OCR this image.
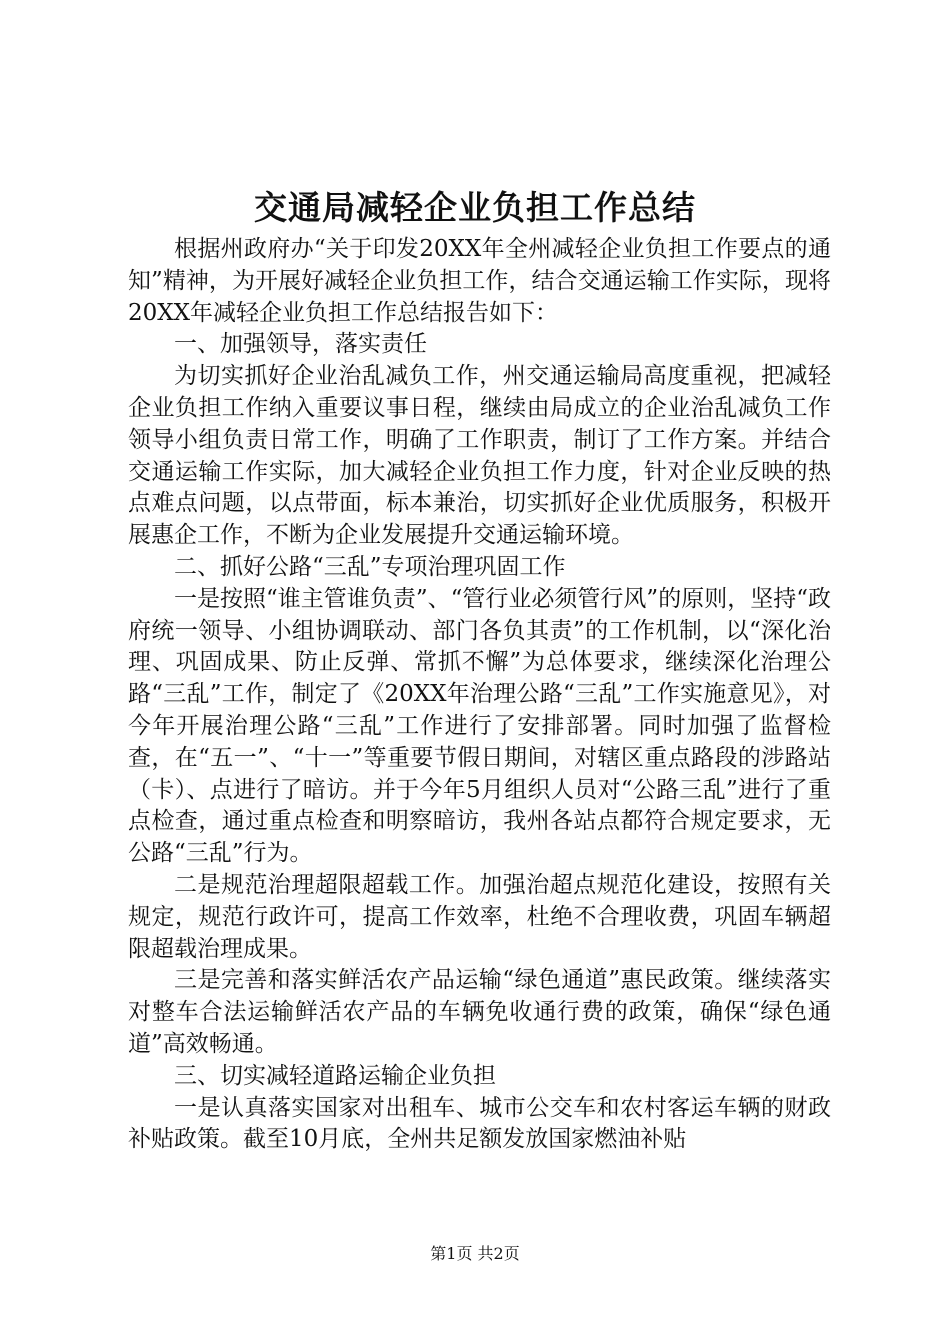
交通局减轻企业负担工作总结

根据州政府办“关于印发20XX年全州减轻企业负担工作要点的通知”精神，为开展好减轻企业负担工作，结合交通运输工作实际，现将20XX年减轻企业负担工作总结报告如下：

一、加强领导，落实责任

为切实抓好企业治乱减负工作，州交通运输局高度重视，把减轻企业负担工作纳入重要议事日程，继续由局成立的企业治乱减负工作领导小组负责日常工作，明确了工作职责，制订了工作方案。并结合交通运输工作实际，加大减轻企业负担工作力度，针对企业反映的热点难点问题，以点带面，标本兼治，切实抓好企业优质服务，积极开展惠企工作，不断为企业发展提升交通运输环境。

二、抓好公路“三乱”专项治理巩固工作

一是按照“谁主管谁负责”、“管行业必须管行风”的原则，坚持“政府统一领导、小组协调联动、部门各负其责”的工作机制，以“深化治理、巩固成果、防止反弹、常抓不懈”为总体要求，继续深化治理公路“三乱”工作，制定了《20XX年治理公路“三乱”工作实施意见》，对今年开展治理公路“三乱”工作进行了安排部署。同时加强了监督检查，在“五一”、“十一”等重要节假日期间，对辖区重点路段的涉路站（卡）、点进行了暗访。并于今年5月组织人员对“公路三乱”进行了重点检查，通过重点检查和明察暗访，我州各站点都符合规定要求，无公路“三乱”行为。

二是规范治理超限超载工作。加强治超点规范化建设，按照有关规定，规范行政许可，提高工作效率，杜绝不合理收费，巩固车辆超限超载治理成果。

三是完善和落实鲜活农产品运输“绿色通道”惠民政策。继续落实对整车合法运输鲜活农产品的车辆免收通行费的政策，确保“绿色通道”高效畅通。

三、切实减轻道路运输企业负担

一是认真落实国家对出租车、城市公交车和农村客运车辆的财政补贴政策。截至10月底，全州共足额发放国家燃油补贴

第1页 共2页
